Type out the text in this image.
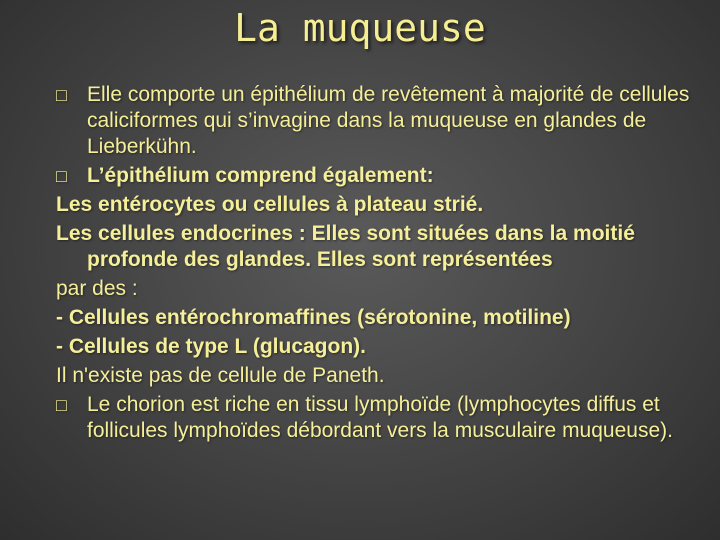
La muqueuse
□ Elle comporte un épithélium de revêtement à majorité de cellules caliciformes qui s’invagine dans la muqueuse en glandes de Lieberkühn.
□ L’épithélium comprend également:
Les entérocytes ou cellules à plateau strié.
Les cellules endocrines : Elles sont situées dans la moitié profonde des glandes. Elles sont représentées
par des :
- Cellules entérochromaffines (sérotonine, motiline)
- Cellules de type L (glucagon).
Il n'existe pas de cellule de Paneth.
□ Le chorion est riche en tissu lymphoïde (lymphocytes diffus et follicules lymphoïdes débordant vers la musculaire muqueuse).
